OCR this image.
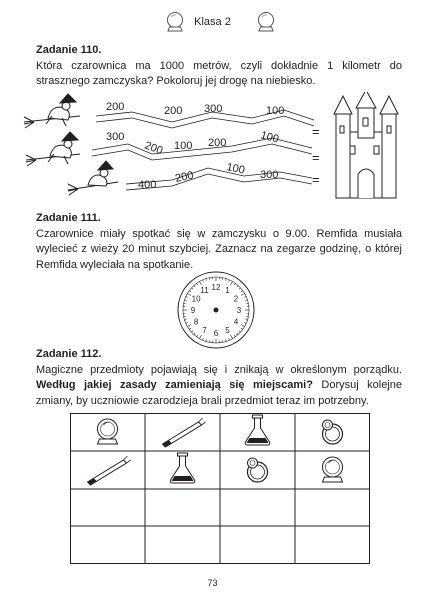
Klasa 2
Zadanie 110.
Która czarownica ma 1000 metrów, czyli dokładnie 1 kilometr do strasznego zamczyska? Pokoloruj jej drogę na niebiesko.
200	200 300	100
300
200 100 200	100
400
200
100 300
=
=
=
Zadanie 111.
Czarownice miały spotkać się w zamczysku o 9.00. Remfida musiała wylecieć z wieży 20 minut szybciej. Zaznacz na zegarze godzinę, o której Remfida wyleciała na spotkanie.
12 1
2
3
4
5
6
7
8
9
10
11
Zadanie 112.
Magiczne przedmioty pojawiają się i znikają w określonym porządku. Według jakiej zasady zamieniają się miejscami? Dorysuj kolejne zmiany, by uczniowie czarodzieja brali przedmiot teraz im potrzebny.
73
